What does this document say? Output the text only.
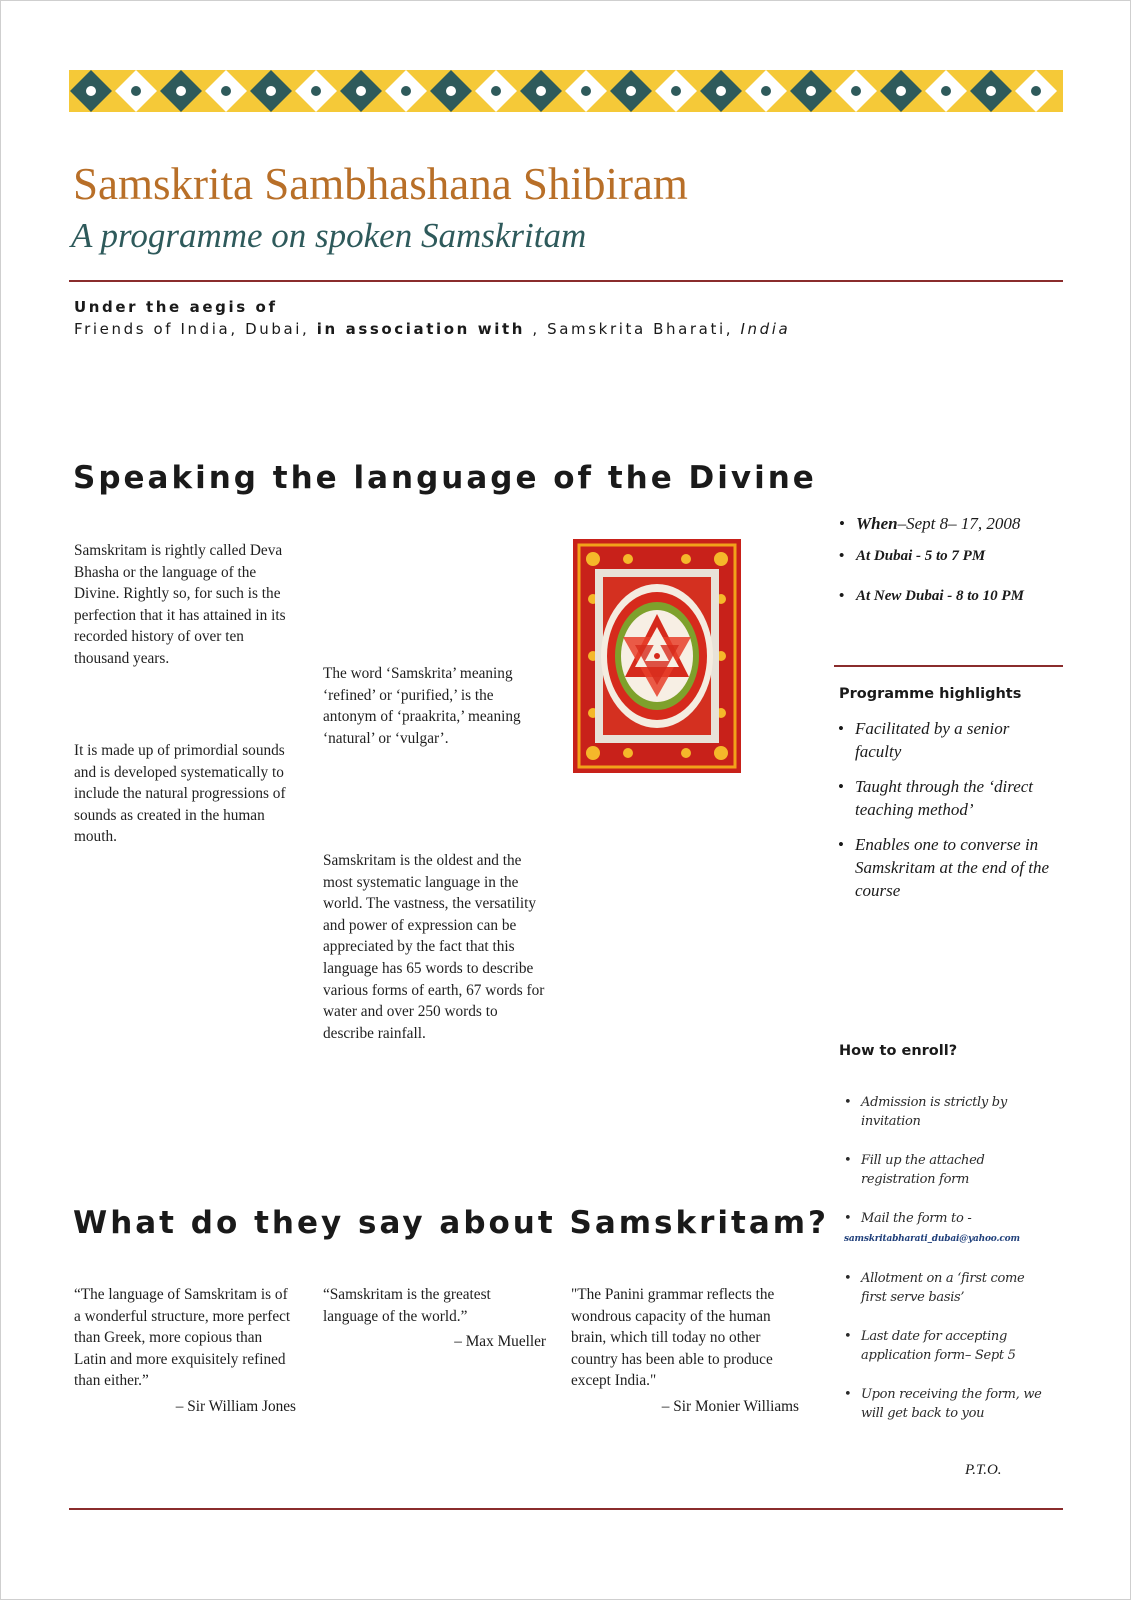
Samskrita Sambhashana Shibiram
A programme on spoken Samskritam
Under the aegis of
Friends of India, Dubai, in association with , Samskrita Bharati, India
Speaking the language of the Divine
Samskritam is rightly called Deva Bhasha or the language of the Divine. Rightly so, for such is the perfection that it has attained in its recorded history of over ten thousand years.
It is made up of primordial sounds and is developed systematically to include the natural progressions of sounds as created in the human mouth.
The word ‘Samskrita’ meaning ‘refined’ or ‘purified,’ is the antonym of ‘praakrita,’ meaning ‘natural’ or ‘vulgar’.
Samskritam is the oldest and the most systematic language in the world. The vastness, the versatility and power of expression can be appreciated by the fact that this language has 65 words to describe various forms of earth, 67 words for water and over 250 words to describe rainfall.
• When–Sept 8– 17, 2008
• At Dubai - 5 to 7 PM
• At New Dubai - 8 to 10 PM
Programme highlights
• Facilitated by a senior faculty
• Taught through the ‘direct teaching method’
• Enables one to converse in Samskritam at the end of the course
How to enroll?
• Admission is strictly by invitation
• Fill up the attached registration form
• Mail the form to -
samskritabharati_dubai@yahoo.com
• Allotment on a ‘first come first serve basis’
• Last date for accepting application form– Sept 5
• Upon receiving the form, we will get back to you
What do they say about Samskritam?
“The language of Samskritam is of a wonderful structure, more perfect than Greek, more copious than Latin and more exquisitely refined than either.”
– Sir William Jones
“Samskritam is the greatest language of the world.”
– Max Mueller
"The Panini grammar reflects the wondrous capacity of the human brain, which till today no other country has been able to produce except India."
– Sir Monier Williams
P.T.O.
